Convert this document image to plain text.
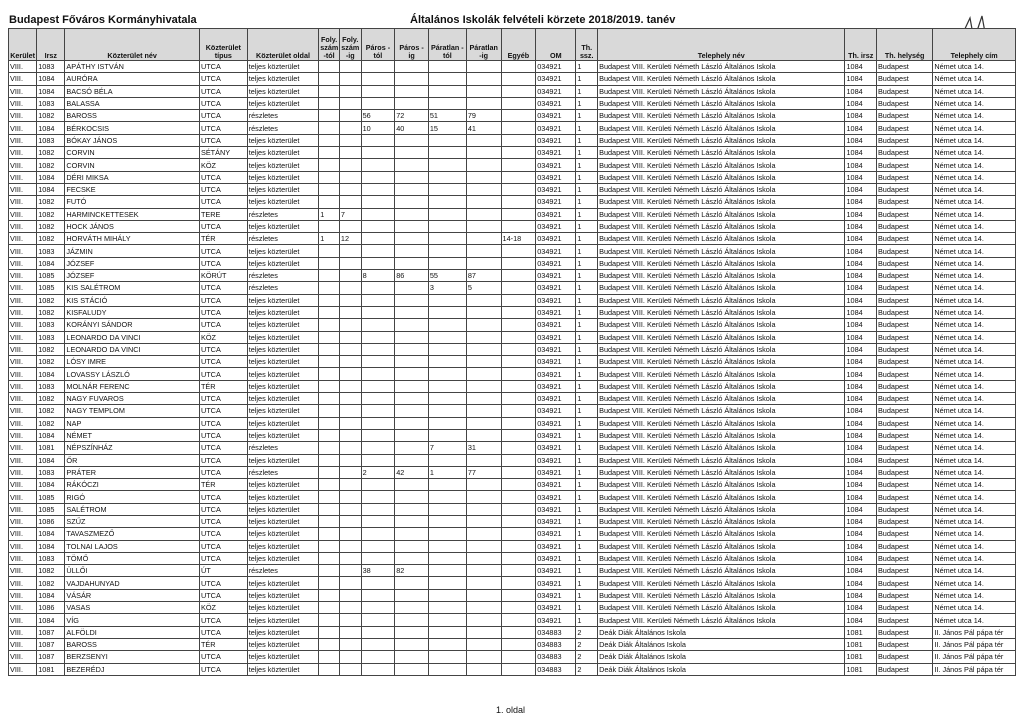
Budapest Főváros Kormányhivatala	Általános Iskolák felvételi körzete 2018/2019. tanév
Kerület	Irsz	Közterület név	Közterület típus	Közterület oldal	Foly. szám -tól	Foly. szám -ig	Páros -tól	Páros -ig	Páratlan -tól	Páratlan -ig	Egyéb	OM	Th. ssz.	Telephely név	Th. irsz	Th. helység	Telephely cím
VIII.	1083	APÁTHY ISTVÁN	UTCA	teljes közterület								034921	1	Budapest VIII. Kerületi Németh László Általános Iskola	1084	Budapest	Német utca 14.
VIII.	1084	AURÓRA	UTCA	teljes közterület								034921	1	Budapest VIII. Kerületi Németh László Általános Iskola	1084	Budapest	Német utca 14.
VIII.	1084	BACSÓ BÉLA	UTCA	teljes közterület								034921	1	Budapest VIII. Kerületi Németh László Általános Iskola	1084	Budapest	Német utca 14.
VIII.	1083	BALASSA	UTCA	teljes közterület								034921	1	Budapest VIII. Kerületi Németh László Általános Iskola	1084	Budapest	Német utca 14.
VIII.	1082	BAROSS	UTCA	részletes			56	72	51	79		034921	1	Budapest VIII. Kerületi Németh László Általános Iskola	1084	Budapest	Német utca 14.
VIII.	1084	BÉRKOCSIS	UTCA	részletes			10	40	15	41		034921	1	Budapest VIII. Kerületi Németh László Általános Iskola	1084	Budapest	Német utca 14.
VIII.	1083	BÓKAY JÁNOS	UTCA	teljes közterület								034921	1	Budapest VIII. Kerületi Németh László Általános Iskola	1084	Budapest	Német utca 14.
VIII.	1082	CORVIN	SÉTÁNY	teljes közterület								034921	1	Budapest VIII. Kerületi Németh László Általános Iskola	1084	Budapest	Német utca 14.
VIII.	1082	CORVIN	KÖZ	teljes közterület								034921	1	Budapest VIII. Kerületi Németh László Általános Iskola	1084	Budapest	Német utca 14.
VIII.	1084	DÉRI MIKSA	UTCA	teljes közterület								034921	1	Budapest VIII. Kerületi Németh László Általános Iskola	1084	Budapest	Német utca 14.
VIII.	1084	FECSKE	UTCA	teljes közterület								034921	1	Budapest VIII. Kerületi Németh László Általános Iskola	1084	Budapest	Német utca 14.
VIII.	1082	FUTÓ	UTCA	teljes közterület								034921	1	Budapest VIII. Kerületi Németh László Általános Iskola	1084	Budapest	Német utca 14.
VIII.	1082	HARMINCKETTESEK	TERE	részletes	1	7						034921	1	Budapest VIII. Kerületi Németh László Általános Iskola	1084	Budapest	Német utca 14.
VIII.	1082	HOCK JÁNOS	UTCA	teljes közterület								034921	1	Budapest VIII. Kerületi Németh László Általános Iskola	1084	Budapest	Német utca 14.
VIII.	1082	HORVÁTH MIHÁLY	TÉR	részletes	1	12					14-18	034921	1	Budapest VIII. Kerületi Németh László Általános Iskola	1084	Budapest	Német utca 14.
VIII.	1083	JÁZMIN	UTCA	teljes közterület								034921	1	Budapest VIII. Kerületi Németh László Általános Iskola	1084	Budapest	Német utca 14.
VIII.	1084	JÓZSEF	UTCA	teljes közterület								034921	1	Budapest VIII. Kerületi Németh László Általános Iskola	1084	Budapest	Német utca 14.
VIII.	1085	JÓZSEF	KÖRÚT	részletes			8	86	55	87		034921	1	Budapest VIII. Kerületi Németh László Általános Iskola	1084	Budapest	Német utca 14.
VIII.	1085	KIS SALÉTROM	UTCA	részletes					3	5		034921	1	Budapest VIII. Kerületi Németh László Általános Iskola	1084	Budapest	Német utca 14.
VIII.	1082	KIS STÁCIÓ	UTCA	teljes közterület								034921	1	Budapest VIII. Kerületi Németh László Általános Iskola	1084	Budapest	Német utca 14.
VIII.	1082	KISFALUDY	UTCA	teljes közterület								034921	1	Budapest VIII. Kerületi Németh László Általános Iskola	1084	Budapest	Német utca 14.
VIII.	1083	KORÁNYI SÁNDOR	UTCA	teljes közterület								034921	1	Budapest VIII. Kerületi Németh László Általános Iskola	1084	Budapest	Német utca 14.
VIII.	1083	LEONARDO DA VINCI	KÖZ	teljes közterület								034921	1	Budapest VIII. Kerületi Németh László Általános Iskola	1084	Budapest	Német utca 14.
VIII.	1082	LEONARDO DA VINCI	UTCA	teljes közterület								034921	1	Budapest VIII. Kerületi Németh László Általános Iskola	1084	Budapest	Német utca 14.
VIII.	1082	LÓSY IMRE	UTCA	teljes közterület								034921	1	Budapest VIII. Kerületi Németh László Általános Iskola	1084	Budapest	Német utca 14.
VIII.	1084	LOVASSY LÁSZLÓ	UTCA	teljes közterület								034921	1	Budapest VIII. Kerületi Németh László Általános Iskola	1084	Budapest	Német utca 14.
VIII.	1083	MOLNÁR FERENC	TÉR	teljes közterület								034921	1	Budapest VIII. Kerületi Németh László Általános Iskola	1084	Budapest	Német utca 14.
VIII.	1082	NAGY FUVAROS	UTCA	teljes közterület								034921	1	Budapest VIII. Kerületi Németh László Általános Iskola	1084	Budapest	Német utca 14.
VIII.	1082	NAGY TEMPLOM	UTCA	teljes közterület								034921	1	Budapest VIII. Kerületi Németh László Általános Iskola	1084	Budapest	Német utca 14.
VIII.	1082	NAP	UTCA	teljes közterület								034921	1	Budapest VIII. Kerületi Németh László Általános Iskola	1084	Budapest	Német utca 14.
VIII.	1084	NÉMET	UTCA	teljes közterület								034921	1	Budapest VIII. Kerületi Németh László Általános Iskola	1084	Budapest	Német utca 14.
VIII.	1081	NÉPSZÍNHÁZ	UTCA	részletes					7	31		034921	1	Budapest VIII. Kerületi Németh László Általános Iskola	1084	Budapest	Német utca 14.
VIII.	1084	ŐR	UTCA	teljes közterület								034921	1	Budapest VIII. Kerületi Németh László Általános Iskola	1084	Budapest	Német utca 14.
VIII.	1083	PRÁTER	UTCA	részletes			2	42	1	77		034921	1	Budapest VIII. Kerületi Németh László Általános Iskola	1084	Budapest	Német utca 14.
VIII.	1084	RÁKÓCZI	TÉR	teljes közterület								034921	1	Budapest VIII. Kerületi Németh László Általános Iskola	1084	Budapest	Német utca 14.
VIII.	1085	RIGÓ	UTCA	teljes közterület								034921	1	Budapest VIII. Kerületi Németh László Általános Iskola	1084	Budapest	Német utca 14.
VIII.	1085	SALÉTROM	UTCA	teljes közterület								034921	1	Budapest VIII. Kerületi Németh László Általános Iskola	1084	Budapest	Német utca 14.
VIII.	1086	SZŰZ	UTCA	teljes közterület								034921	1	Budapest VIII. Kerületi Németh László Általános Iskola	1084	Budapest	Német utca 14.
VIII.	1084	TAVASZMEZŐ	UTCA	teljes közterület								034921	1	Budapest VIII. Kerületi Németh László Általános Iskola	1084	Budapest	Német utca 14.
VIII.	1084	TOLNAI LAJOS	UTCA	teljes közterület								034921	1	Budapest VIII. Kerületi Németh László Általános Iskola	1084	Budapest	Német utca 14.
VIII.	1083	TÖMŐ	UTCA	teljes közterület								034921	1	Budapest VIII. Kerületi Németh László Általános Iskola	1084	Budapest	Német utca 14.
VIII.	1082	ÜLLŐI	ÚT	részletes			38	82				034921	1	Budapest VIII. Kerületi Németh László Általános Iskola	1084	Budapest	Német utca 14.
VIII.	1082	VAJDAHUNYAD	UTCA	teljes közterület								034921	1	Budapest VIII. Kerületi Németh László Általános Iskola	1084	Budapest	Német utca 14.
VIII.	1084	VÁSÁR	UTCA	teljes közterület								034921	1	Budapest VIII. Kerületi Németh László Általános Iskola	1084	Budapest	Német utca 14.
VIII.	1086	VASAS	KÖZ	teljes közterület								034921	1	Budapest VIII. Kerületi Németh László Általános Iskola	1084	Budapest	Német utca 14.
VIII.	1084	VÍG	UTCA	teljes közterület								034921	1	Budapest VIII. Kerületi Németh László Általános Iskola	1084	Budapest	Német utca 14.
VIII.	1087	ALFÖLDI	UTCA	teljes közterület								034883	2	Deák Diák Általános Iskola	1081	Budapest	II. János Pál pápa tér
VIII.	1087	BAROSS	TÉR	teljes közterület								034883	2	Deák Diák Általános Iskola	1081	Budapest	II. János Pál pápa tér
VIII.	1087	BERZSENYI	UTCA	teljes közterület								034883	2	Deák Diák Általános Iskola	1081	Budapest	II. János Pál pápa tér
VIII.	1081	BEZERÉDJ	UTCA	teljes közterület								034883	2	Deák Diák Általános Iskola	1081	Budapest	II. János Pál pápa tér
1. oldal
